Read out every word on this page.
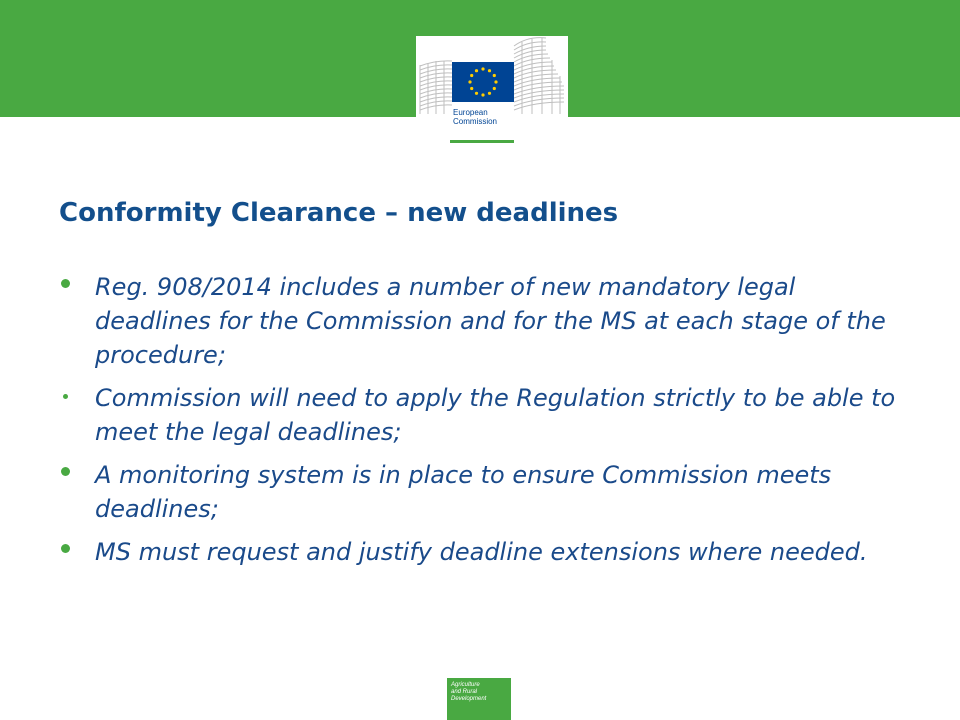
European
Commission
Conformity Clearance – new deadlines
Reg. 908/2014 includes a number of new mandatory legal deadlines for the Commission and for the MS at each stage of the procedure;
Commission will need to apply the Regulation strictly to be able to meet the legal deadlines;
A monitoring system is in place to ensure Commission meets deadlines;
MS must request and justify deadline extensions where needed.
Agriculture
and Rural
Development
